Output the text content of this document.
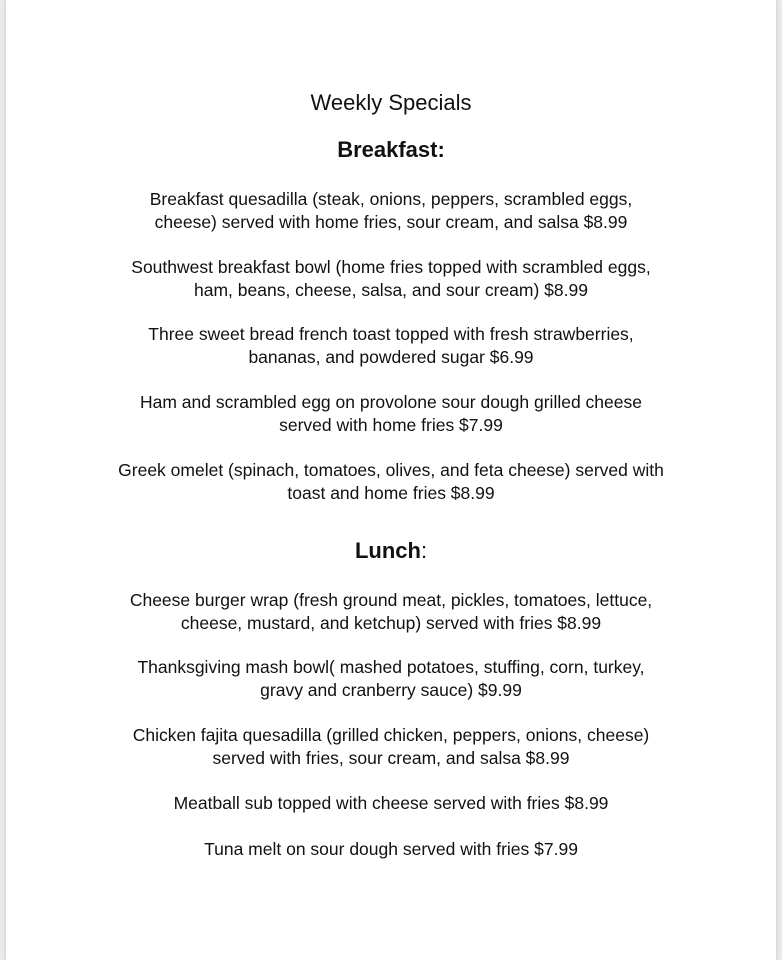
Weekly Specials
Breakfast:
Breakfast quesadilla (steak, onions, peppers, scrambled eggs,
cheese) served with home fries, sour cream, and salsa $8.99
Southwest breakfast bowl (home fries topped with scrambled eggs,
ham, beans, cheese, salsa, and sour cream) $8.99
Three sweet bread french toast topped with fresh strawberries,
bananas, and powdered sugar $6.99
Ham and scrambled egg on provolone sour dough grilled cheese
served with home fries $7.99
Greek omelet (spinach, tomatoes, olives, and feta cheese) served with
toast and home fries $8.99
Lunch:
Cheese burger wrap (fresh ground meat, pickles, tomatoes, lettuce,
cheese, mustard, and ketchup) served with fries $8.99
Thanksgiving mash bowl( mashed potatoes, stuffing, corn, turkey,
gravy and cranberry sauce) $9.99
Chicken fajita quesadilla (grilled chicken, peppers, onions, cheese)
served with fries, sour cream, and salsa $8.99
Meatball sub topped with cheese served with fries $8.99
Tuna melt on sour dough served with fries $7.99
